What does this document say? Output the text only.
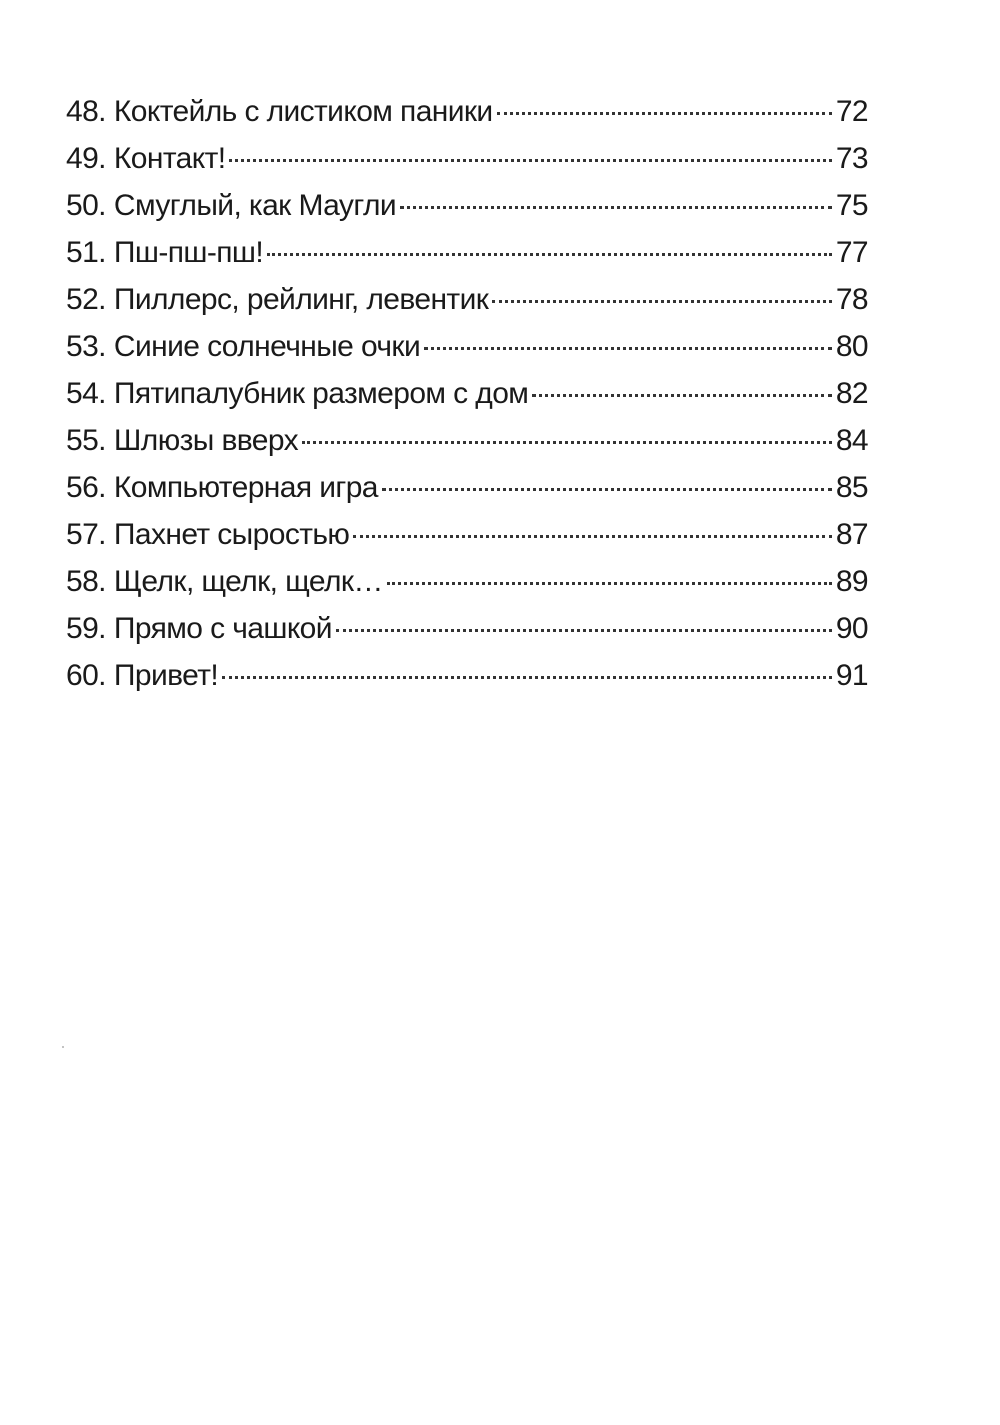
48. Коктейль с листиком паники	72
49. Контакт!	73
50. Смуглый, как Маугли	75
51. Пш-пш-пш!	77
52. Пиллерс, рейлинг, левентик	78
53. Синие солнечные очки	80
54. Пятипалубник размером с дом	82
55. Шлюзы вверх	84
56. Компьютерная игра	85
57. Пахнет сыростью	87
58. Щелк, щелк, щелк…	89
59. Прямо с чашкой	90
60. Привет!	91
